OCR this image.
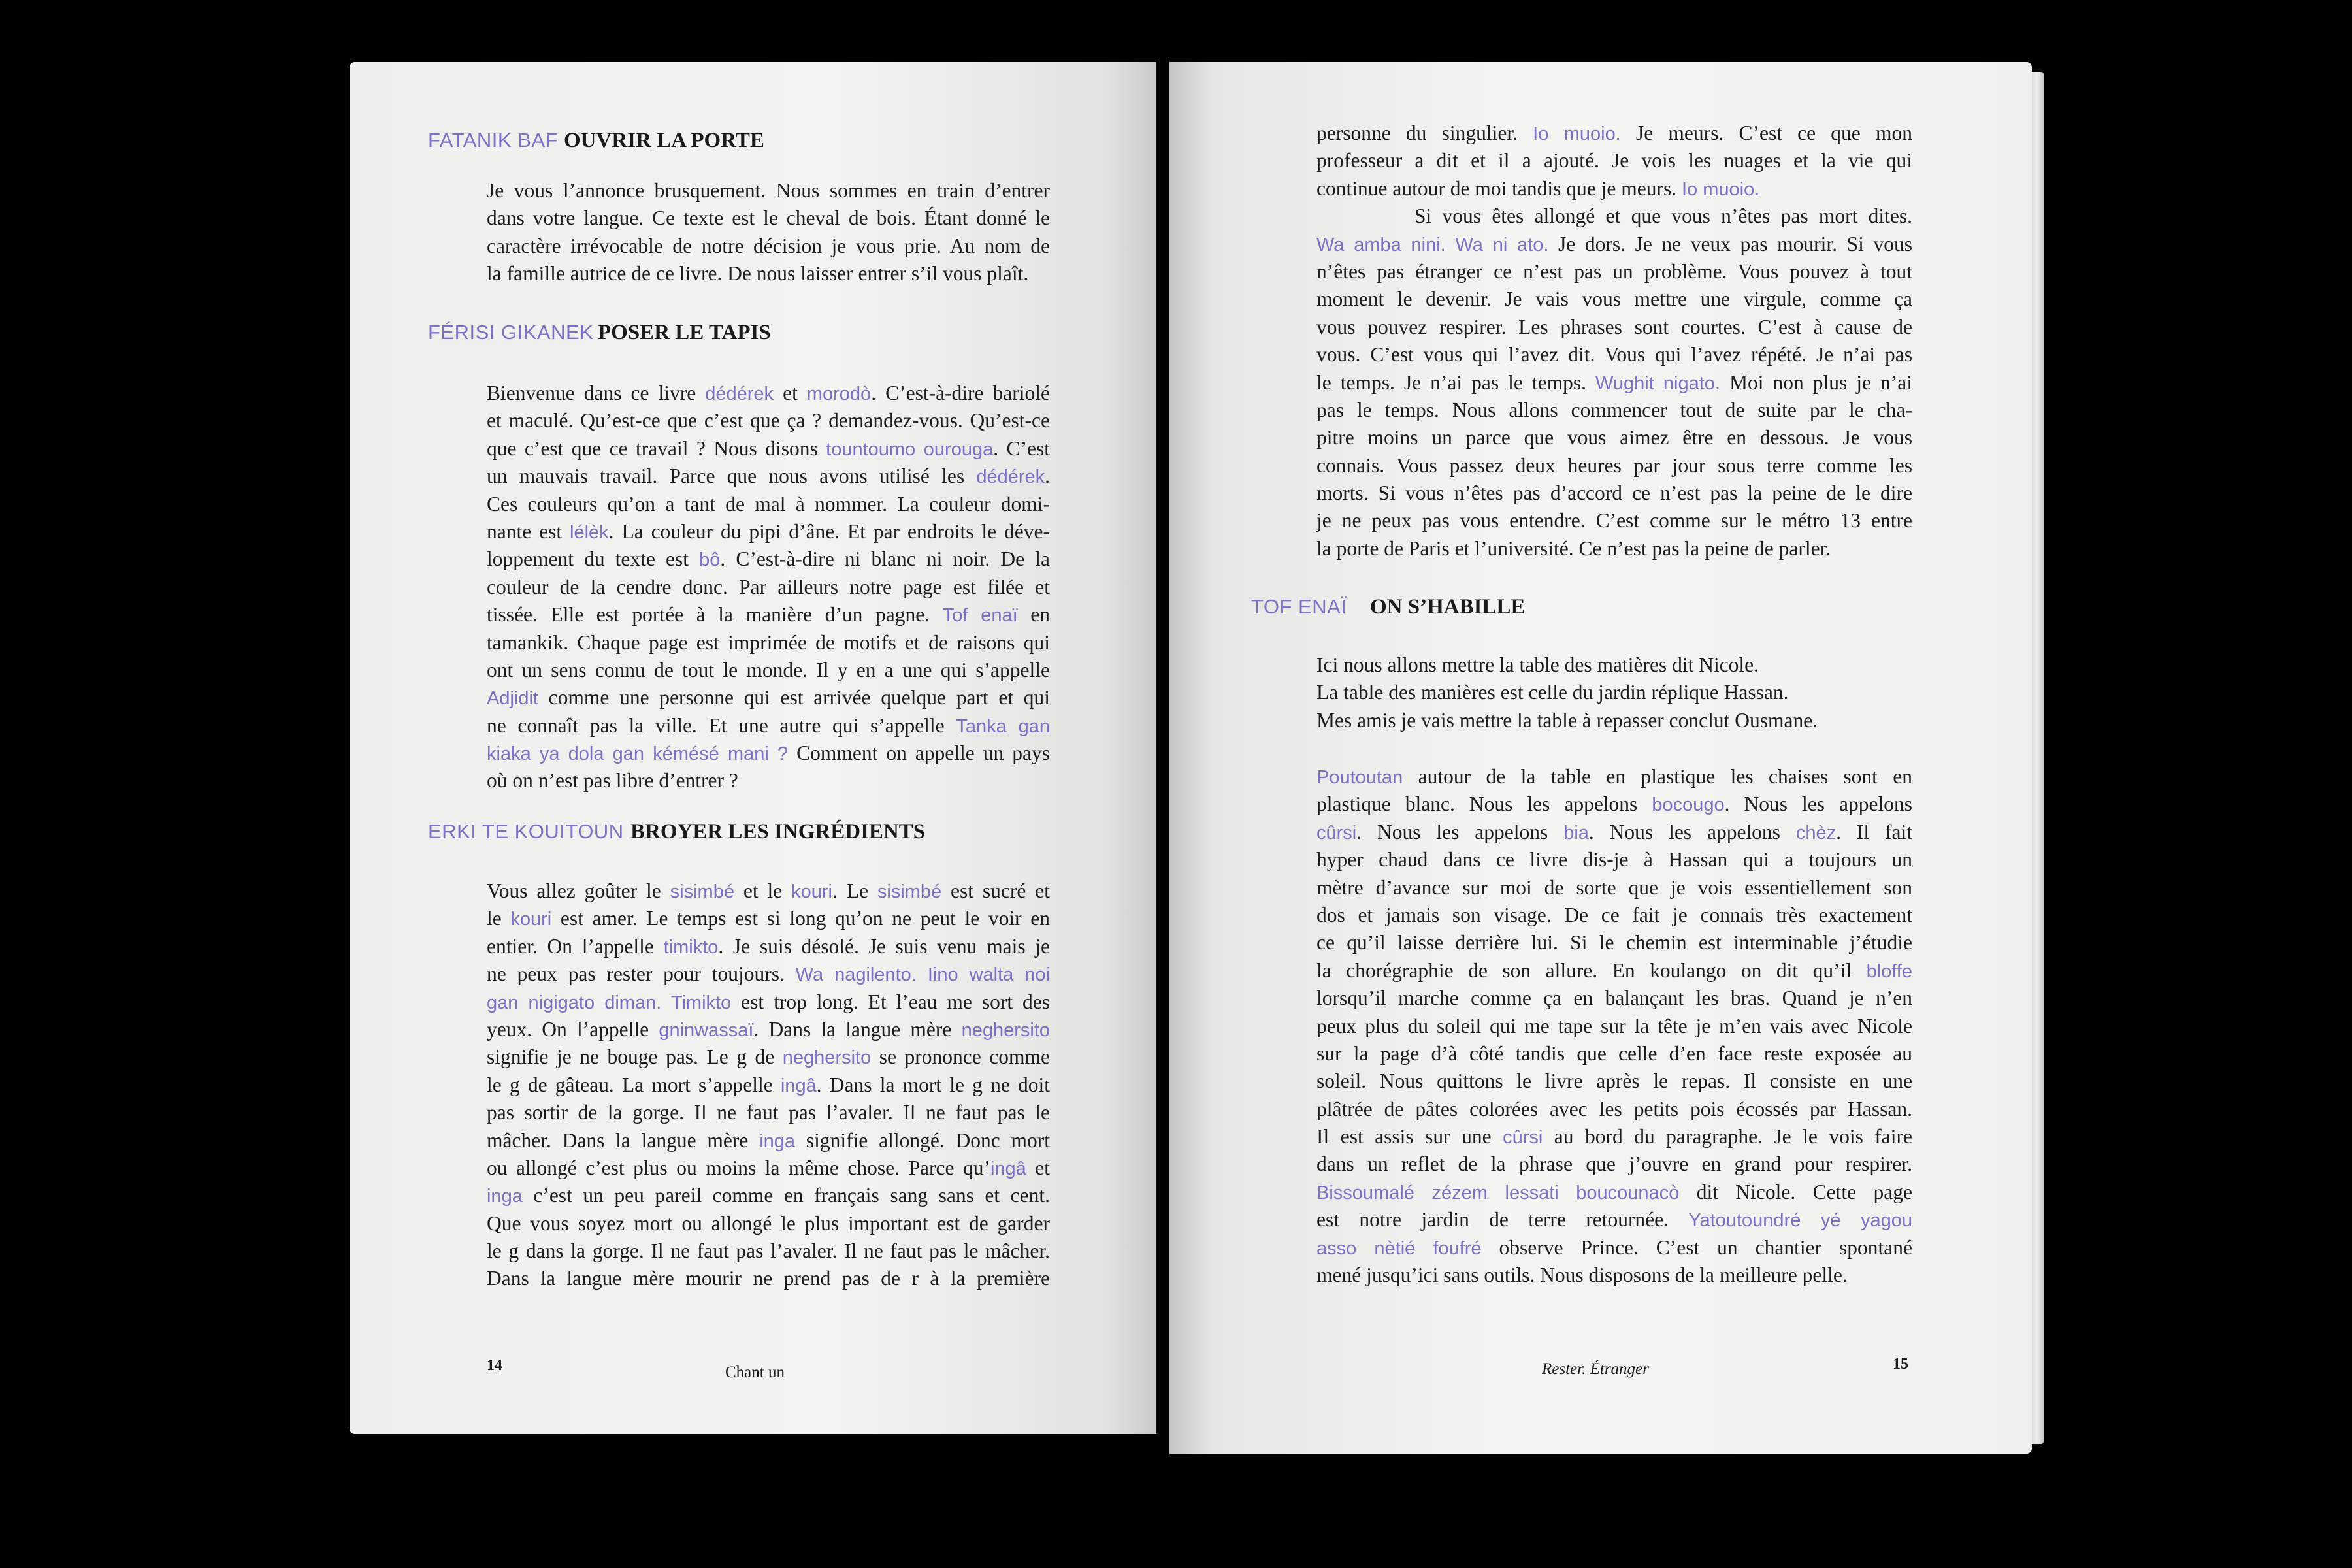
FATANIK BAF OUVRIR LA PORTE
Je vous l’annonce brusquement. Nous sommes en train d’entrer
dans votre langue. Ce texte est le cheval de bois. Étant donné le
caractère irrévocable de notre décision je vous prie. Au nom de
la famille autrice de ce livre. De nous laisser entrer s’il vous plaît.
FÉRISI GIKANEK POSER LE TAPIS
Bienvenue dans ce livre dédérek et morodò. C’est-à-dire bariolé
et maculé. Qu’est-ce que c’est que ça ? demandez-vous. Qu’est-ce
que c’est que ce travail ? Nous disons tountoumo ourouga. C’est
un mauvais travail. Parce que nous avons utilisé les dédérek.
Ces couleurs qu’on a tant de mal à nommer. La couleur domi-
nante est lélèk. La couleur du pipi d’âne. Et par endroits le déve-
loppement du texte est bô. C’est-à-dire ni blanc ni noir. De la
couleur de la cendre donc. Par ailleurs notre page est filée et
tissée. Elle est portée à la manière d’un pagne. Tof enaï en
tamankik. Chaque page est imprimée de motifs et de raisons qui
ont un sens connu de tout le monde. Il y en a une qui s’appelle
Adjidit comme une personne qui est arrivée quelque part et qui
ne connaît pas la ville. Et une autre qui s’appelle Tanka gan
kiaka ya dola gan kémésé mani ? Comment on appelle un pays
où on n’est pas libre d’entrer ?
ERKI TE KOUITOUN BROYER LES INGRÉDIENTS
Vous allez goûter le sisimbé et le kouri. Le sisimbé est sucré et
le kouri est amer. Le temps est si long qu’on ne peut le voir en
entier. On l’appelle timikto. Je suis désolé. Je suis venu mais je
ne peux pas rester pour toujours. Wa nagilento. Iino walta noi
gan nigigato diman. Timikto est trop long. Et l’eau me sort des
yeux. On l’appelle gninwassaï. Dans la langue mère neghersito
signifie je ne bouge pas. Le g de neghersito se prononce comme
le g de gâteau. La mort s’appelle ingâ. Dans la mort le g ne doit
pas sortir de la gorge. Il ne faut pas l’avaler. Il ne faut pas le
mâcher. Dans la langue mère inga signifie allongé. Donc mort
ou allongé c’est plus ou moins la même chose. Parce qu’ingâ et
inga c’est un peu pareil comme en français sang sans et cent.
Que vous soyez mort ou allongé le plus important est de garder
le g dans la gorge. Il ne faut pas l’avaler. Il ne faut pas le mâcher.
Dans la langue mère mourir ne prend pas de r à la première
14	Chant un
personne du singulier. Io muoio. Je meurs. C’est ce que mon
professeur a dit et il a ajouté. Je vois les nuages et la vie qui
continue autour de moi tandis que je meurs. Io muoio.
Si vous êtes allongé et que vous n’êtes pas mort dites.
Wa amba nini. Wa ni ato. Je dors. Je ne veux pas mourir. Si vous
n’êtes pas étranger ce n’est pas un problème. Vous pouvez à tout
moment le devenir. Je vais vous mettre une virgule, comme ça
vous pouvez respirer. Les phrases sont courtes. C’est à cause de
vous. C’est vous qui l’avez dit. Vous qui l’avez répété. Je n’ai pas
le temps. Je n’ai pas le temps. Wughit nigato. Moi non plus je n’ai
pas le temps. Nous allons commencer tout de suite par le cha-
pitre moins un parce que vous aimez être en dessous. Je vous
connais. Vous passez deux heures par jour sous terre comme les
morts. Si vous n’êtes pas d’accord ce n’est pas la peine de le dire
je ne peux pas vous entendre. C’est comme sur le métro 13 entre
la porte de Paris et l’université. Ce n’est pas la peine de parler.
TOF ENAÏ	ON S’HABILLE
Ici nous allons mettre la table des matières dit Nicole.
La table des manières est celle du jardin réplique Hassan.
Mes amis je vais mettre la table à repasser conclut Ousmane.
Poutoutan autour de la table en plastique les chaises sont en
plastique blanc. Nous les appelons bocougo. Nous les appelons
cûrsi. Nous les appelons bia. Nous les appelons chèz. Il fait
hyper chaud dans ce livre dis-je à Hassan qui a toujours un
mètre d’avance sur moi de sorte que je vois essentiellement son
dos et jamais son visage. De ce fait je connais très exactement
ce qu’il laisse derrière lui. Si le chemin est interminable j’étudie
la chorégraphie de son allure. En koulango on dit qu’il bloffe
lorsqu’il marche comme ça en balançant les bras. Quand je n’en
peux plus du soleil qui me tape sur la tête je m’en vais avec Nicole
sur la page d’à côté tandis que celle d’en face reste exposée au
soleil. Nous quittons le livre après le repas. Il consiste en une
plâtrée de pâtes colorées avec les petits pois écossés par Hassan.
Il est assis sur une cûrsi au bord du paragraphe. Je le vois faire
dans un reflet de la phrase que j’ouvre en grand pour respirer.
Bissoumalé zézem lessati boucounacò dit Nicole. Cette page
est notre jardin de terre retournée. Yatoutoundré yé yagou
asso nètié foufré observe Prince. C’est un chantier spontané
mené jusqu’ici sans outils. Nous disposons de la meilleure pelle.
Rester. Étranger	15
